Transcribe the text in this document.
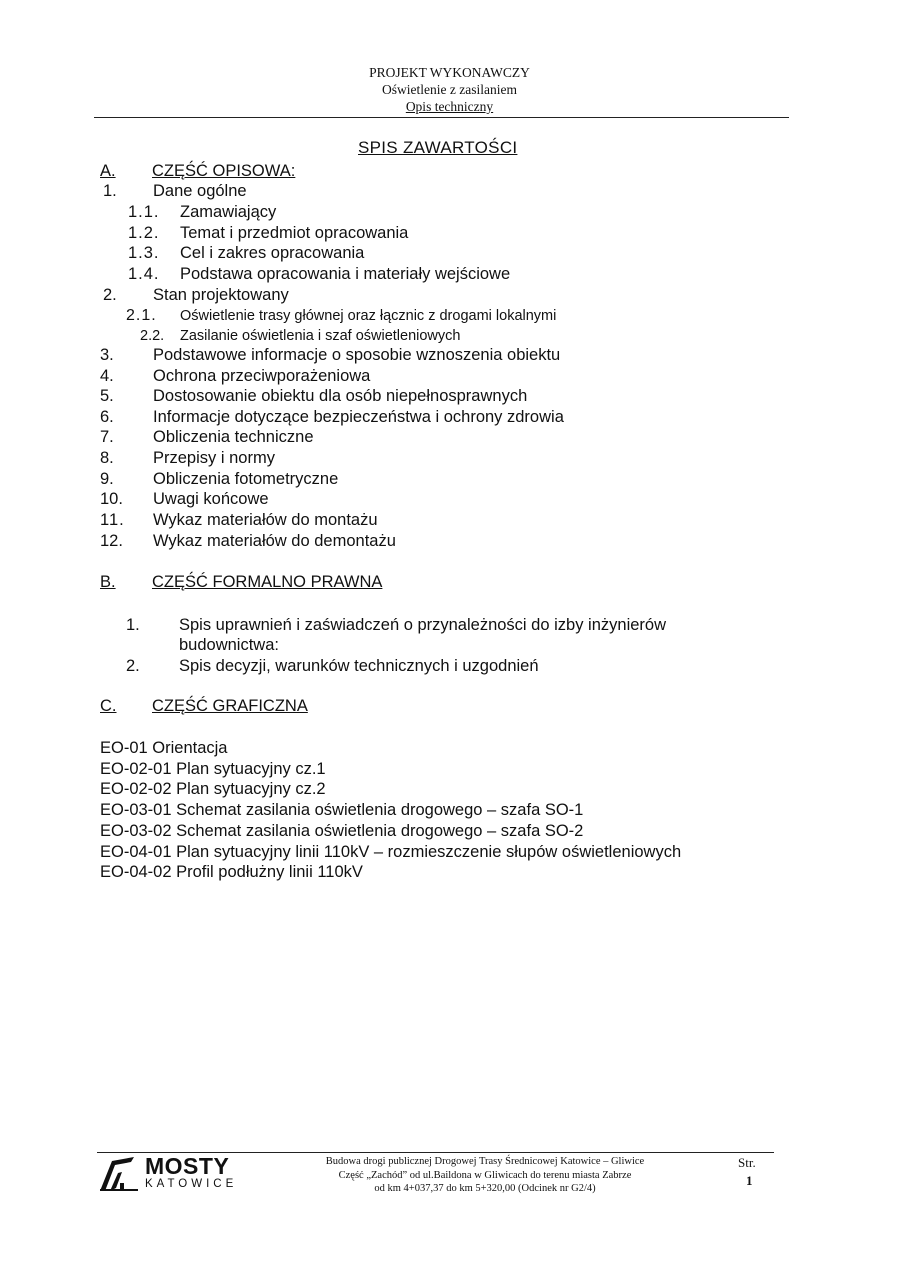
PROJEKT WYKONAWCZY
Oświetlenie z zasilaniem
Opis techniczny
SPIS ZAWARTOŚCI
A.	CZĘŚĆ OPISOWA:
1. Dane ogólne
1.1. Zamawiający
1.2. Temat i przedmiot opracowania
1.3. Cel i zakres opracowania
1.4. Podstawa opracowania i materiały wejściowe
2. Stan projektowany
2.1. Oświetlenie trasy głównej oraz łącznic z drogami lokalnymi
2.2. Zasilanie oświetlenia i szaf oświetleniowych
3. Podstawowe informacje o sposobie wznoszenia obiektu
4. Ochrona przeciwporażeniowa
5. Dostosowanie obiektu dla osób niepełnosprawnych
6. Informacje dotyczące bezpieczeństwa i ochrony zdrowia
7. Obliczenia techniczne
8. Przepisy i normy
9. Obliczenia fotometryczne
10. Uwagi końcowe
11. Wykaz materiałów do montażu
12. Wykaz materiałów do demontażu
B.	CZĘŚĆ FORMALNO PRAWNA
1. Spis uprawnień i zaświadczeń o przynależności do izby inżynierów
budownictwa:
2. Spis decyzji, warunków technicznych i uzgodnień
C.	CZĘŚĆ GRAFICZNA
EO-01 Orientacja
EO-02-01 Plan sytuacyjny cz.1
EO-02-02 Plan sytuacyjny cz.2
EO-03-01 Schemat zasilania oświetlenia drogowego – szafa SO-1
EO-03-02 Schemat zasilania oświetlenia drogowego – szafa SO-2
EO-04-01 Plan sytuacyjny linii 110kV – rozmieszczenie słupów oświetleniowych
EO-04-02 Profil podłużny linii 110kV
MOSTY
KATOWICE
Budowa drogi publicznej Drogowej Trasy Średnicowej Katowice – Gliwice
Część „Zachód” od ul.Baildona w Gliwicach do terenu miasta Zabrze
od km 4+037,37 do km 5+320,00 (Odcinek nr G2/4)
Str.
1
